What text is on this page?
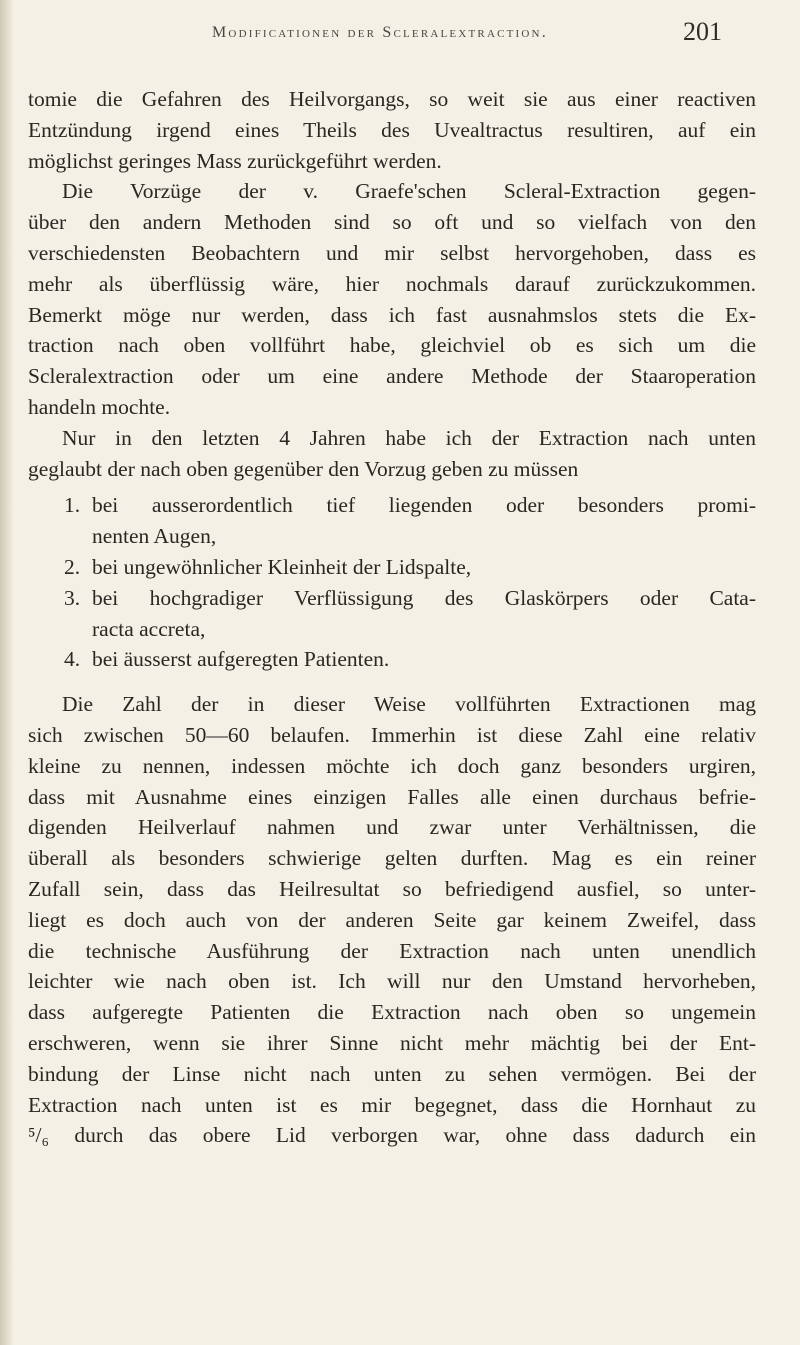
Modificationen der Scleralextraction.	201
tomie die Gefahren des Heilvorgangs, so weit sie aus einer reactiven
Entzündung irgend eines Theils des Uvealtractus resultiren, auf ein
möglichst geringes Mass zurückgeführt werden.
Die Vorzüge der v. Graefe'schen Scleral-Extraction gegen-
über den andern Methoden sind so oft und so vielfach von den
verschiedensten Beobachtern und mir selbst hervorgehoben, dass es
mehr als überflüssig wäre, hier nochmals darauf zurückzukommen.
Bemerkt möge nur werden, dass ich fast ausnahmslos stets die Ex-
traction nach oben vollführt habe, gleichviel ob es sich um die
Scleralextraction oder um eine andere Methode der Staaroperation
handeln mochte.
Nur in den letzten 4 Jahren habe ich der Extraction nach unten
geglaubt der nach oben gegenüber den Vorzug geben zu müssen
1. bei ausserordentlich tief liegenden oder besonders promi-
nenten Augen,
2. bei ungewöhnlicher Kleinheit der Lidspalte,
3. bei hochgradiger Verflüssigung des Glaskörpers oder Cata-
racta accreta,
4. bei äusserst aufgeregten Patienten.
Die Zahl der in dieser Weise vollführten Extractionen mag
sich zwischen 50—60 belaufen. Immerhin ist diese Zahl eine relativ
kleine zu nennen, indessen möchte ich doch ganz besonders urgiren,
dass mit Ausnahme eines einzigen Falles alle einen durchaus befrie-
digenden Heilverlauf nahmen und zwar unter Verhältnissen, die
überall als besonders schwierige gelten durften. Mag es ein reiner
Zufall sein, dass das Heilresultat so befriedigend ausfiel, so unter-
liegt es doch auch von der anderen Seite gar keinem Zweifel, dass
die technische Ausführung der Extraction nach unten unendlich
leichter wie nach oben ist. Ich will nur den Umstand hervorheben,
dass aufgeregte Patienten die Extraction nach oben so ungemein
erschweren, wenn sie ihrer Sinne nicht mehr mächtig bei der Ent-
bindung der Linse nicht nach unten zu sehen vermögen. Bei der
Extraction nach unten ist es mir begegnet, dass die Hornhaut zu
⁵/₆ durch das obere Lid verborgen war, ohne dass dadurch ein
